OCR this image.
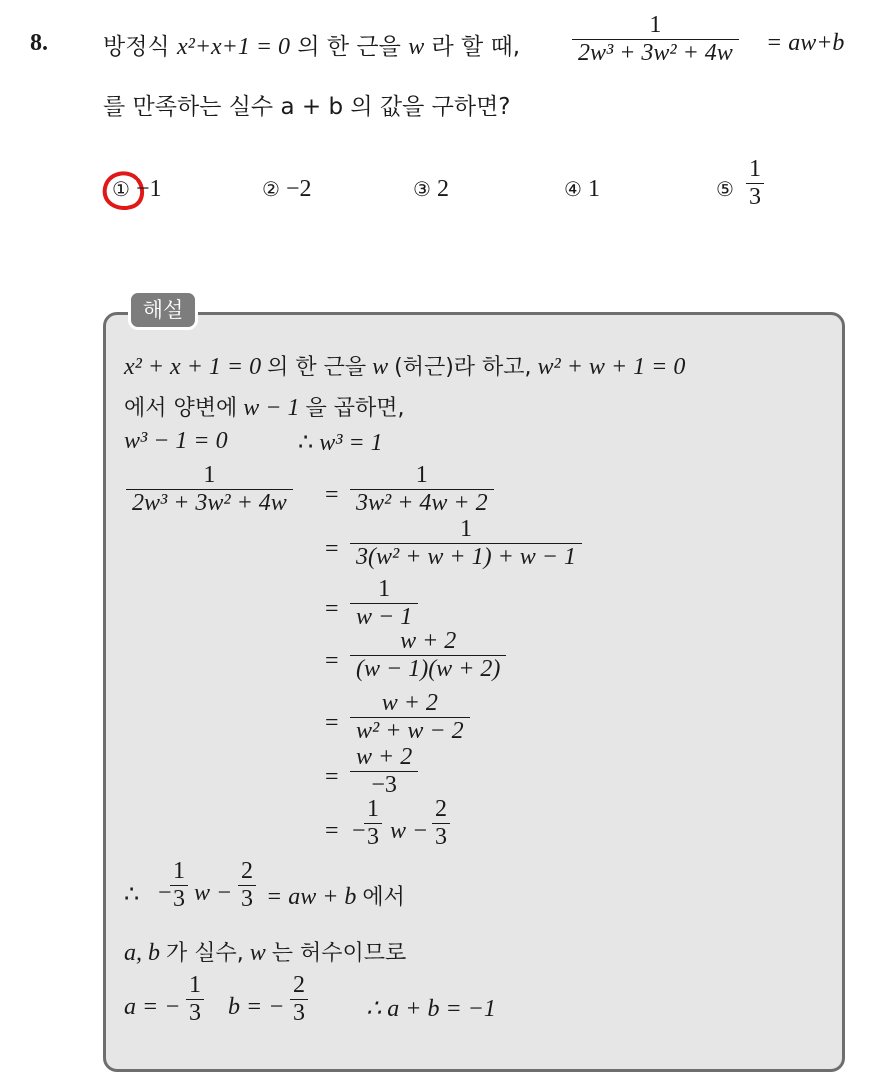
8. 방정식 x²+x+1 = 0 의 한 근을 w 라 할 때, $\frac{1}{\text{2w³ + 3w² + 4w}} = aw+b$
를 만족하는 실수 a + b 의 값을 구하면?
① −1	② −2	③ 2	④ 1	⑤ $\frac{1}{3}$
해설
x² + x + 1 = 0 의 한 근을 w (허근)라 하고, w² + w + 1 = 0
에서 양변에 w − 1 을 곱하면,
w³ − 1 = 0	∴ w³ = 1
$\frac{1}{\text{2w³ + 3w² + 4w}} = \frac{1}{\text{3w² + 4w + 2}}$
= $\frac{1}{\text{3(w² + w + 1) + w − 1}}$
= $\frac{1}{w - 1}$
= $\frac{w + 2}{(w - 1)(w + 2)}$
= $\frac{w + 2}{\text{w² + w − 2}}$
= $\frac{w + 2}{-3}$
= −
$\frac{1}{3}$ $w - \frac{2}{3}$
∴ −
$\frac{1}{3}$ $w - \frac{2}{3}$ = aw + b 에서
a, b 가 실수, w 는 허수이므로
a = − $\frac{1}{3}$ b = − $\frac{2}{3}$ ∴ a + b = −1
